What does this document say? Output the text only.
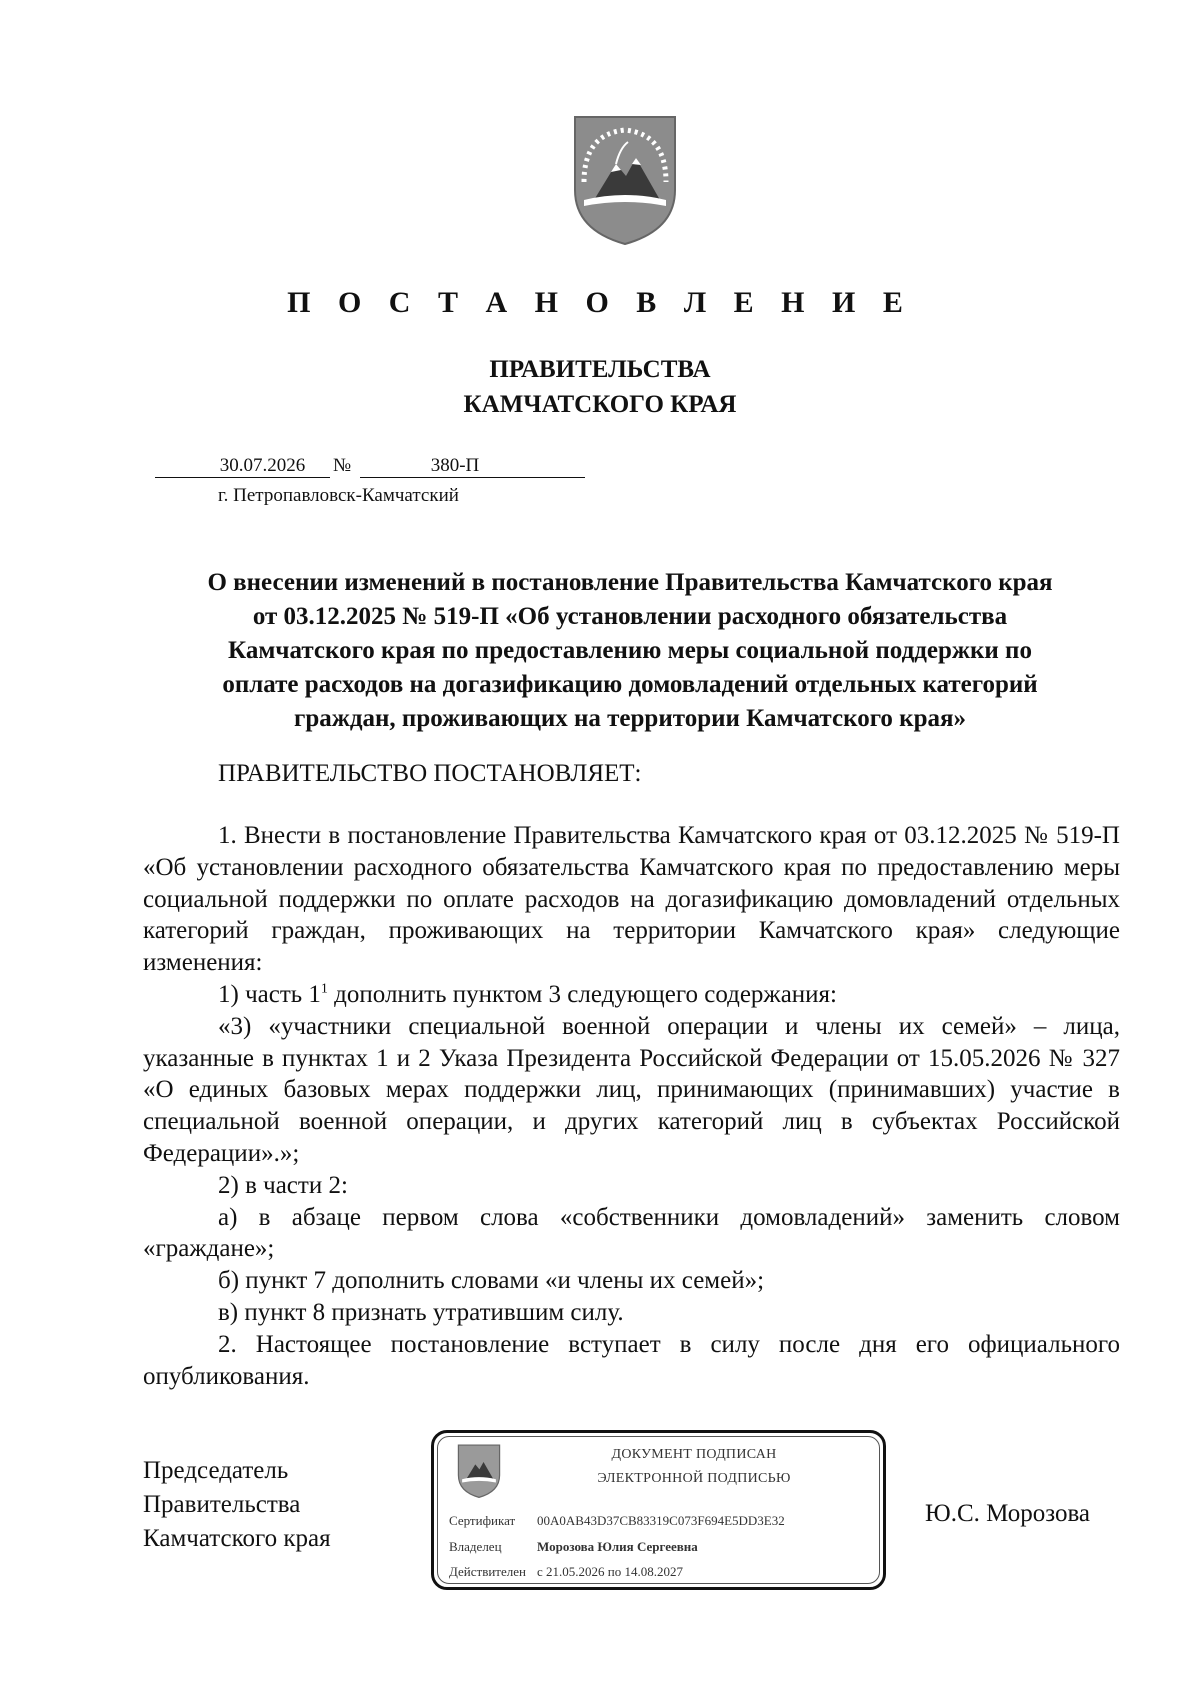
П О С Т А Н О В Л Е Н И Е
ПРАВИТЕЛЬСТВА
КАМЧАТСКОГО КРАЯ
30.07.2026	№	380-П
г. Петропавловск-Камчатский
О внесении изменений в постановление Правительства Камчатского края
от 03.12.2025 № 519-П «Об установлении расходного обязательства
Камчатского края по предоставлению меры социальной поддержки по
оплате расходов на догазификацию домовладений отдельных категорий
граждан, проживающих на территории Камчатского края»
ПРАВИТЕЛЬСТВО ПОСТАНОВЛЯЕТ:

1. Внести в постановление Правительства Камчатского края от 03.12.2025 № 519-П «Об установлении расходного обязательства Камчатского края по предоставлению меры социальной поддержки по оплате расходов на догазификацию домовладений отдельных категорий граждан, проживающих на территории Камчатского края» следующие изменения:

1) часть $1^1$ дополнить пунктом 3 следующего содержания:

«3) «участники специальной военной операции и члены их семей» – лица, указанные в пунктах 1 и 2 Указа Президента Российской Федерации от 15.05.2026 № 327 «О единых базовых мерах поддержки лиц, принимающих (принимавших) участие в специальной военной операции, и других категорий лиц в субъектах Российской Федерации».»;

2) в части 2:

а) в абзаце первом слова «собственники домовладений» заменить словом «граждане»;

б) пункт 7 дополнить словами «и члены их семей»;

в) пункт 8 признать утратившим силу.

2. Настоящее постановление вступает в силу после дня его официального опубликования.

Председатель
Правительства
Камчатского края
ДОКУМЕНТ ПОДПИСАН
ЭЛЕКТРОННОЙ ПОДПИСЬЮ
Сертификат 00A0AB43D37CB83319C073F694E5DD3E32
Владелец	Морозова Юлия Сергеевна
Действителен с 21.05.2026 по 14.08.2027
Ю.С. Морозова
